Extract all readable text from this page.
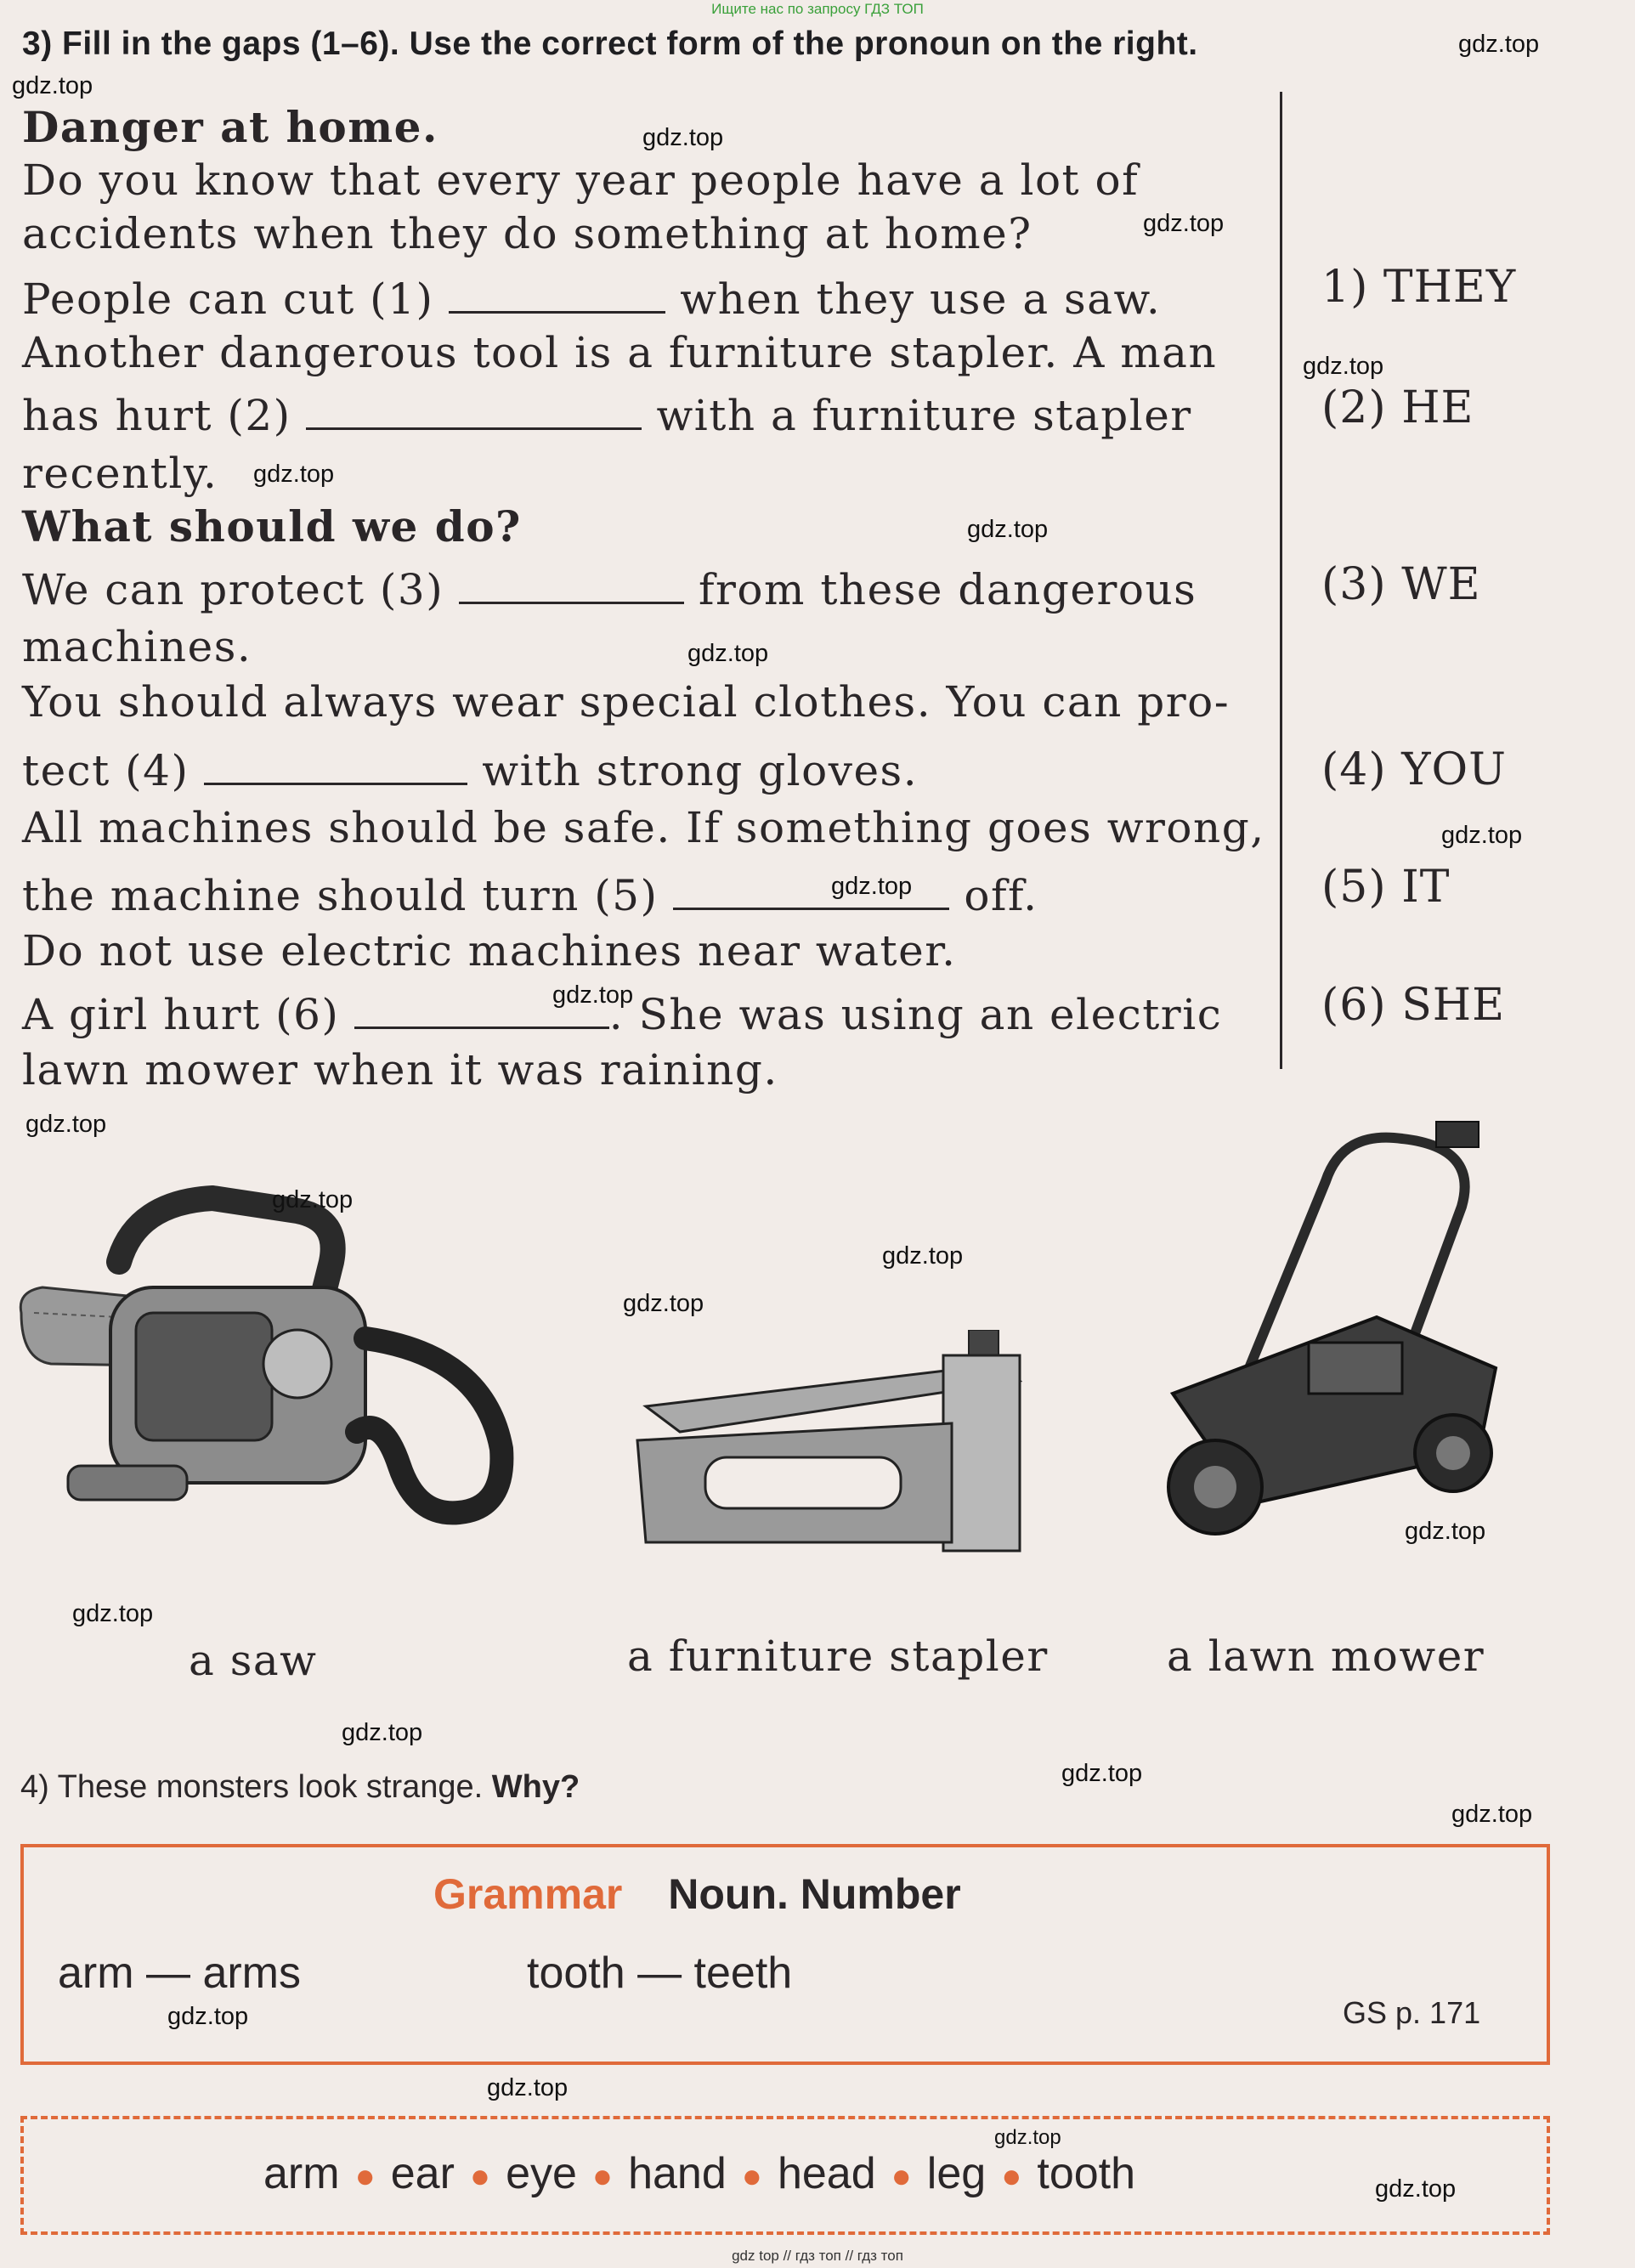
Ищите нас по запросу ГДЗ ТОП
3) Fill in the gaps (1–6). Use the correct form of the pronoun on the right.
Danger at home.
Do you know that every year people have a lot of
accidents when they do something at home?
People can cut (1)	when they use a saw.
Another dangerous tool is a furniture stapler. A man
has hurt (2)	with a furniture stapler
recently.
What should we do?
We can protect (3)	from these dangerous
machines.
You should always wear special clothes. You can pro-
tect (4)	with strong gloves.
All machines should be safe. If something goes wrong,
the machine should turn (5)	off.
Do not use electric machines near water.
A girl hurt (6)	. She was using an electric
lawn mower when it was raining.
1) THEY
(2) HE
(3) WE
(4) YOU
(5) IT
(6) SHE
a saw	a furniture stapler	a lawn mower
4) These monsters look strange. Why?
Grammar Noun. Number
arm — arms	tooth — teeth
GS p. 171
arm ● ear ● eye ● hand ● head ● leg ● tooth
gdz.top
gdz.top
gdz.top
gdz.top
gdz.top
gdz.top
gdz.top
gdz.top
gdz.top
gdz.top
gdz.top
gdz.top
gdz.top
gdz.top
gdz.top
gdz.top
gdz.top
gdz.top
gdz.top
gdz.top
gdz.top
gdz.top
gdz.top
gdz.top
gdz top // гдз топ // гдз топ
